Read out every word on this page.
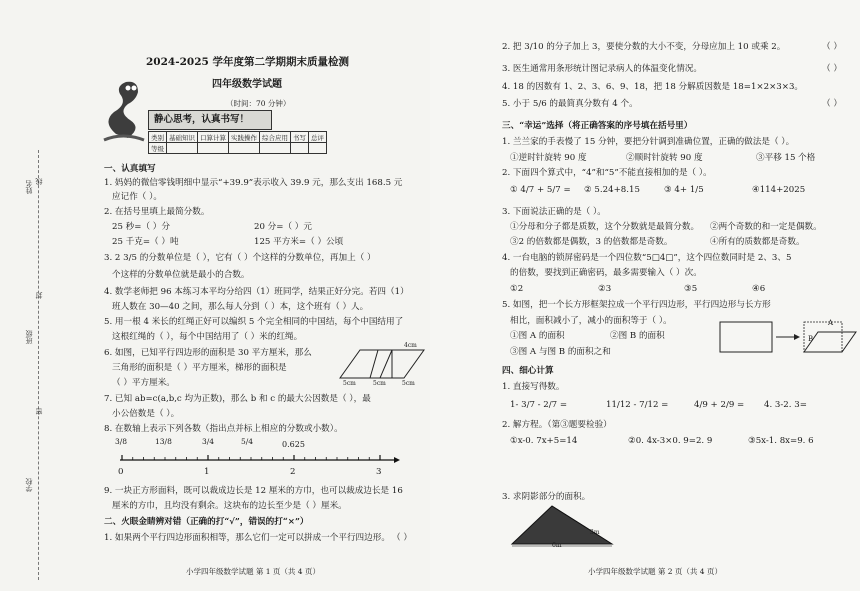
姓名 线
班级
封
密
学校
2024-2025 学年度第二学期期末质量检测
四年级数学试题
（时间：70 分钟）
静心思考，认真书写！
类别	基础知识	口算计算	实践操作	综合应用	书写	总评
等级						
一、认真填写
1. 妈妈的微信零钱明细中显示“+39.9”表示收入 39.9 元，那么支出 168.5 元
应记作（ ）。
2. 在括号里填上最简分数。
25 秒=（ ）分	20 分=（ ）元
25 千克=（ ）吨	125 平方米=（ ）公顷
3. 2 3/5 的分数单位是（ ），它有（ ）个这样的分数单位，再加上（ ）
个这样的分数单位就是最小的合数。
4. 数学老师把 96 本练习本平均分给四（1）班同学，结果正好分完。若四（1）
班人数在 30—40 之间，那么每人分到（ ）本，这个班有（ ）人。
5. 用一根 4 米长的红绳正好可以编织 5 个完全相同的中国结，每个中国结用了
这根红绳的（ ），每个中国结用了（ ）米的红绳。
6. 如图，已知平行四边形的面积是 30 平方厘米，那么
三角形的面积是（ ）平方厘米，梯形的面积是
（ ）平方厘米。
4cm
5cm	5cm	5cm
7. 已知 ab=c(a,b,c 均为正数)，那么 b 和 c 的最大公因数是（ ），最
小公倍数是（ ）。
8. 在数轴上表示下列各数（指出点并标上相应的分数或小数）。
3/8	13/8	3/4	5/4	0.625
0	1	2	3
9. 一块正方形面料，既可以裁成边长是 12 厘米的方巾，也可以裁成边长是 16
厘米的方巾，且均没有剩余。这块布的边长至少是（ ）厘米。
二、火眼金睛辨对错（正确的打“√”，错误的打“×”）
1. 如果两个平行四边形面积相等，那么它们一定可以拼成一个平行四边形。 （ ）
小学四年级数学试题 第 1 页（共 4 页）
2. 把 3/10 的分子加上 3，要使分数的大小不变，分母应加上 10 或乘 2。	（ ）
3. 医生通常用条形统计图记录病人的体温变化情况。	（ ）
4. 18 的因数有 1、2、3、6、9、18，把 18 分解质因数是 18=1×2×3×3。
5. 小于 5/6 的最简真分数有 4 个。	（ ）
三、“幸运”选择（将正确答案的序号填在括号里）
1. 兰兰家的手表慢了 15 分钟，要把分针调到准确位置，正确的做法是（ ）。
①逆时针旋转 90 度	②顺时针旋转 90 度	③平移 15 个格
2. 下面四个算式中，“4”和“5”不能直接相加的是（ ）。
① 4/7 + 5/7 = ② 5.24+8.15	③ 4+ 1/5	④114+2025
3. 下面说法正确的是（ ）。
①分母和分子都是质数，这个分数就是最简分数。 ②两个奇数的和一定是偶数。
③2 的倍数都是偶数，3 的倍数都是奇数。	④所有的质数都是奇数。
4. 一台电脑的锁屏密码是一个四位数“5□4□”，这个四位数同时是 2、3、5
的倍数，要找到正确密码，最多需要输入（ ）次。
①2	②3	③5	④6
5. 如图，把一个长方形框架拉成一个平行四边形，平行四边形与长方形
相比，面积减小了，减小的面积等于（ ）。
①图 A 的面积	②图 B 的面积
③图 A 与图 B 的面积之和
A
B
四、细心计算
1. 直接写得数。
1- 3/7 - 2/7 =	11/12 - 7/12 =	4/9 + 2/9 = 4. 3-2. 3=
2. 解方程。（第③题要检验）
①x-0. 7x+5=14	②0. 4x-3×0. 9=2. 9	③5x-1. 8x=9. 6
3. 求阴影部分的面积。
6m
3m
小学四年级数学试题 第 2 页（共 4 页）
